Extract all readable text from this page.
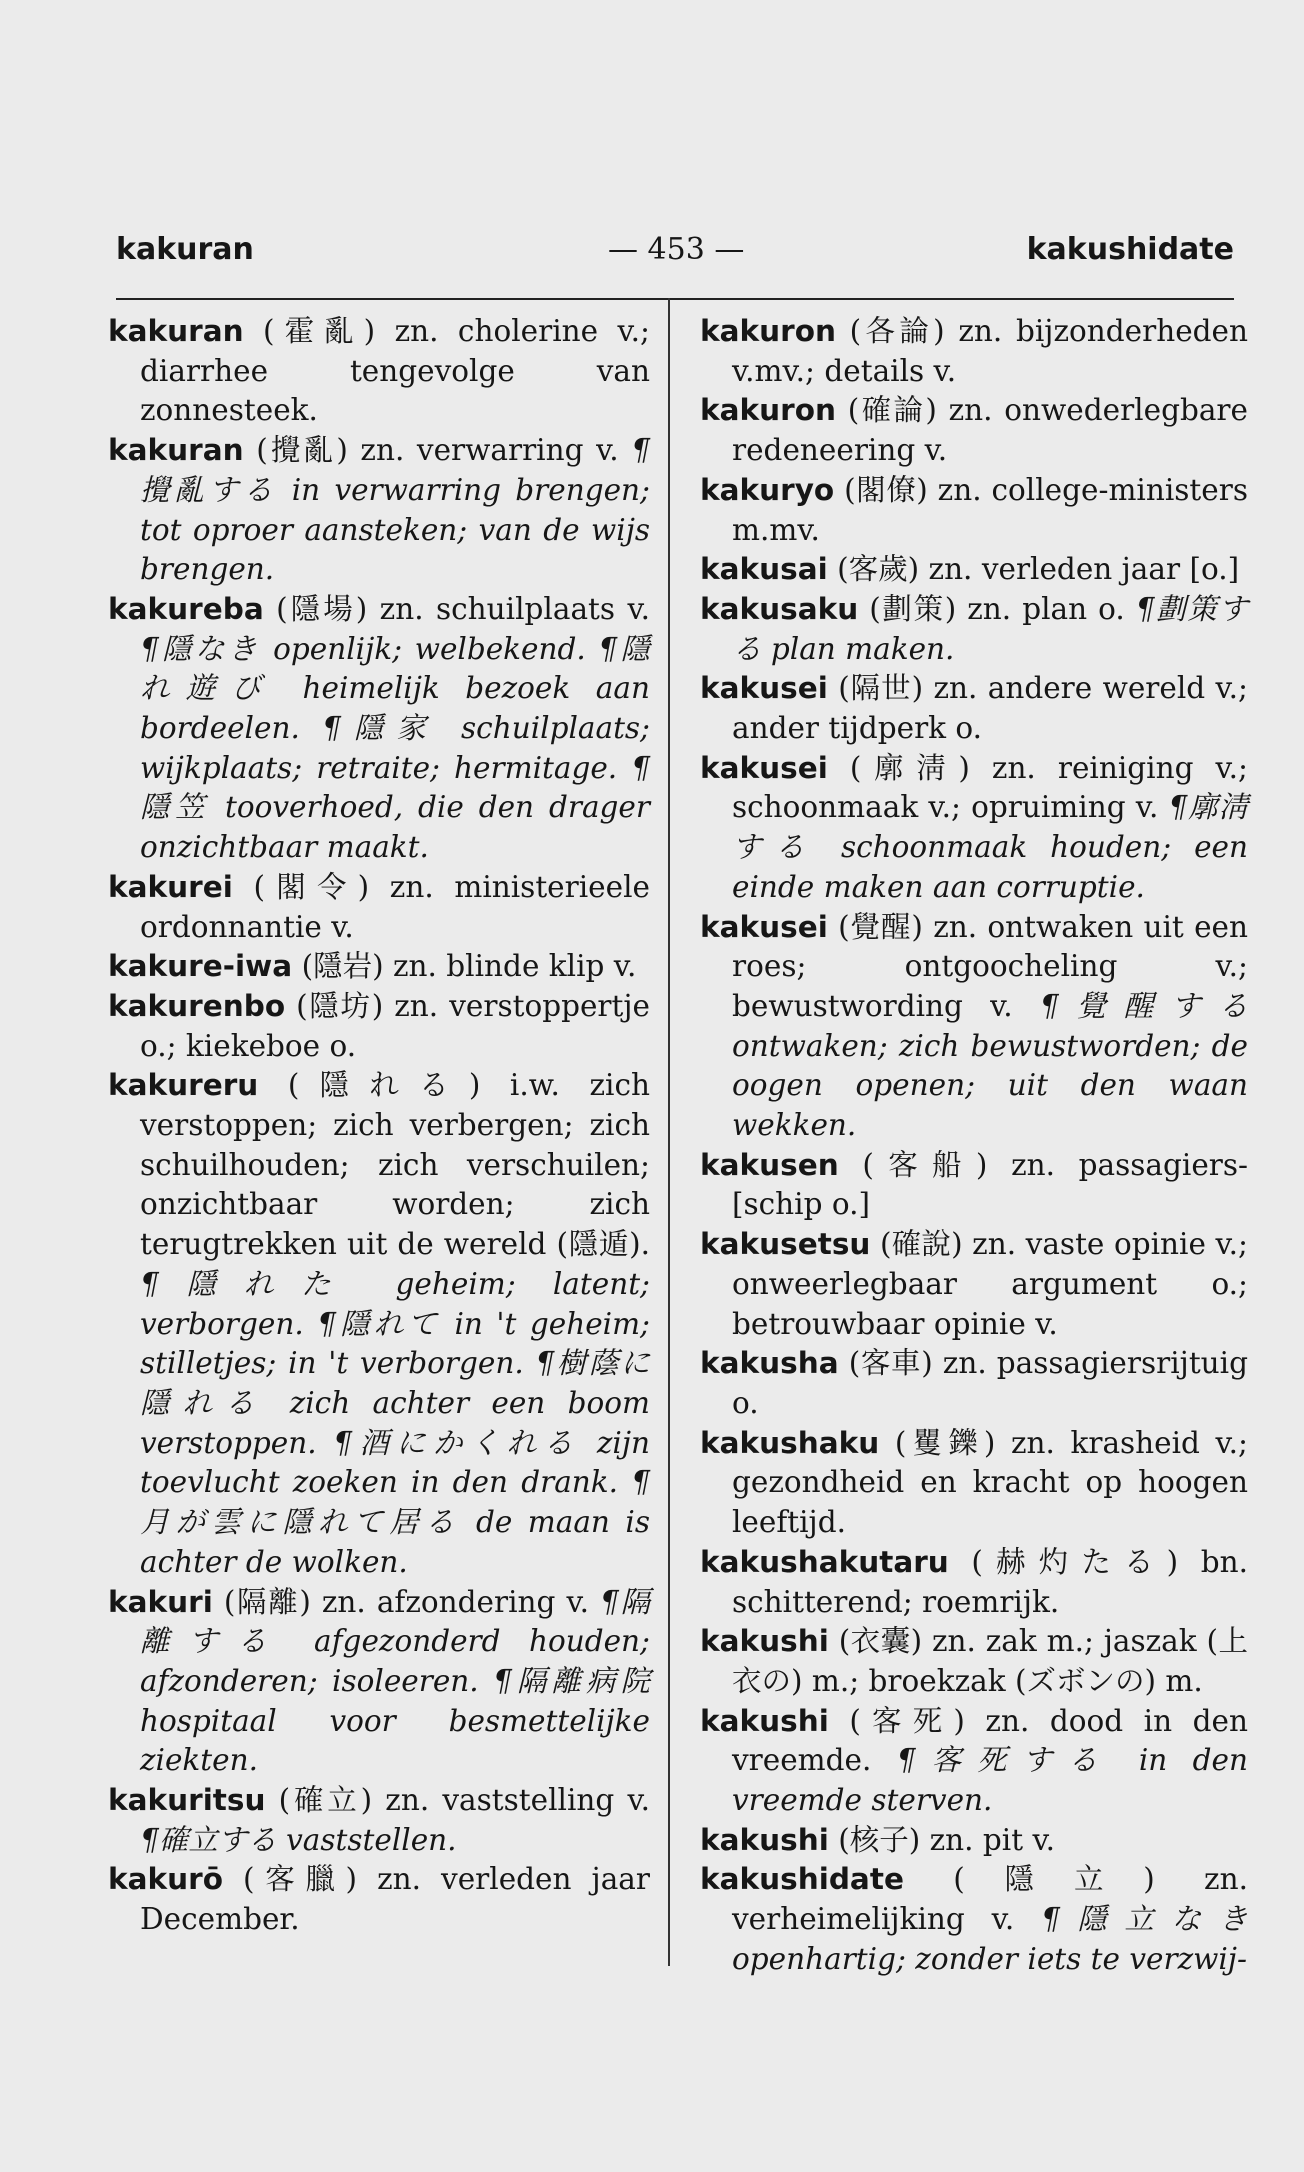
kakuran	— 453 —	kakushidate

kakuran (霍亂) zn. cholerine v.; diarrhee tengevolge van zonnesteek.

kakuran (攪亂) zn. verwarring v. ¶攪亂する in verwarring brengen; tot oproer aansteken; van de wijs brengen.

kakureba (隱場) zn. schuilplaats v. ¶隱なき openlijk; welbekend. ¶隱れ遊び heimelijk bezoek aan bordeelen. ¶隱家 schuilplaats; wijkplaats; retraite; hermitage. ¶隱笠 tooverhoed, die den drager onzichtbaar maakt.

kakurei (閣令) zn. ministerieele ordonnantie v.

kakure-iwa (隱岩) zn. blinde klip v.

kakurenbo (隱坊) zn. verstoppertje o.; kiekeboe o.

kakureru (隱れる) i.w. zich verstoppen; zich verbergen; zich schuilhouden; zich verschuilen; onzichtbaar worden; zich terugtrekken uit de wereld (隱遁). ¶隱れた geheim; latent; verborgen. ¶隱れて in 't geheim; stilletjes; in 't verborgen. ¶樹蔭に隱れる zich achter een boom verstoppen. ¶酒にかくれる zijn toevlucht zoeken in den drank. ¶月が雲に隱れて居る de maan is achter de wolken.

kakuri (隔離) zn. afzondering v. ¶隔離する afgezonderd houden; afzonderen; isoleeren. ¶隔離病院 hospitaal voor besmettelijke ziekten.

kakuritsu (確立) zn. vaststelling v. ¶確立する vaststellen.

kakurō (客臘) zn. verleden jaar December.

kakuron (各論) zn. bijzonderheden v.mv.; details v.

kakuron (確論) zn. onwederlegbare redeneering v.

kakuryo (閣僚) zn. college-ministers m.mv.

kakusai (客歲) zn. verleden jaar [o.]

kakusaku (劃策) zn. plan o. ¶劃策する plan maken.

kakusei (隔世) zn. andere wereld v.; ander tijdperk o.

kakusei (廓淸) zn. reiniging v.; schoonmaak v.; opruiming v. ¶廓淸する schoonmaak houden; een einde maken aan corruptie.

kakusei (覺醒) zn. ontwaken uit een roes; ontgoocheling v.; bewustwording v. ¶覺醒する ontwaken; zich bewustworden; de oogen openen; uit den waan wekken.

kakusen (客船) zn. passagiers- [schip o.]

kakusetsu (確說) zn. vaste opinie v.; onweerlegbaar argument o.; betrouwbaar opinie v.

kakusha (客車) zn. passagiersrijtuig o.

kakushaku (矍鑠) zn. krasheid v.; gezondheid en kracht op hoogen leeftijd.

kakushakutaru (赫灼たる) bn. schitterend; roemrijk.

kakushi (衣囊) zn. zak m.; jaszak (上衣の) m.; broekzak (ズボンの) m.

kakushi (客死) zn. dood in den vreemde. ¶客死する in den vreemde sterven.

kakushi (核子) zn. pit v.

kakushidate (隱立) zn. verheimelijking v. ¶隱立なき openhartig; zonder iets te verzwij-
